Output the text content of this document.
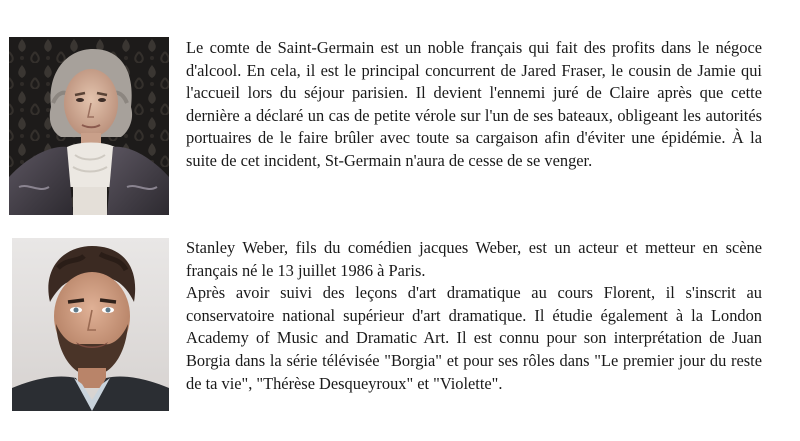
Le comte de Saint-Germain est un noble français qui fait des profits dans le négoce d'alcool. En cela, il est le principal concurrent de Jared Fraser, le cousin de Jamie qui l'accueil lors du séjour parisien. Il devient l'ennemi juré de Claire après que cette dernière a déclaré un cas de petite vérole sur l'un de ses bateaux, obligeant les autorités portuaires de le faire brûler avec toute sa cargaison afin d'éviter une épidémie. À la suite de cet incident, St-Germain n'aura de cesse de se venger.

Stanley Weber, fils du comédien jacques Weber, est un acteur et metteur en scène français né le 13 juillet 1986 à Paris.
Après avoir suivi des leçons d'art dramatique au cours Florent, il s'inscrit au conservatoire national supérieur d'art dramatique. Il étudie également à la London Academy of Music and Dramatic Art. Il est connu pour son interprétation de Juan Borgia dans la série télévisée "Borgia" et pour ses rôles dans "Le premier jour du reste de ta vie", "Thérèse Desqueyroux" et "Violette".
